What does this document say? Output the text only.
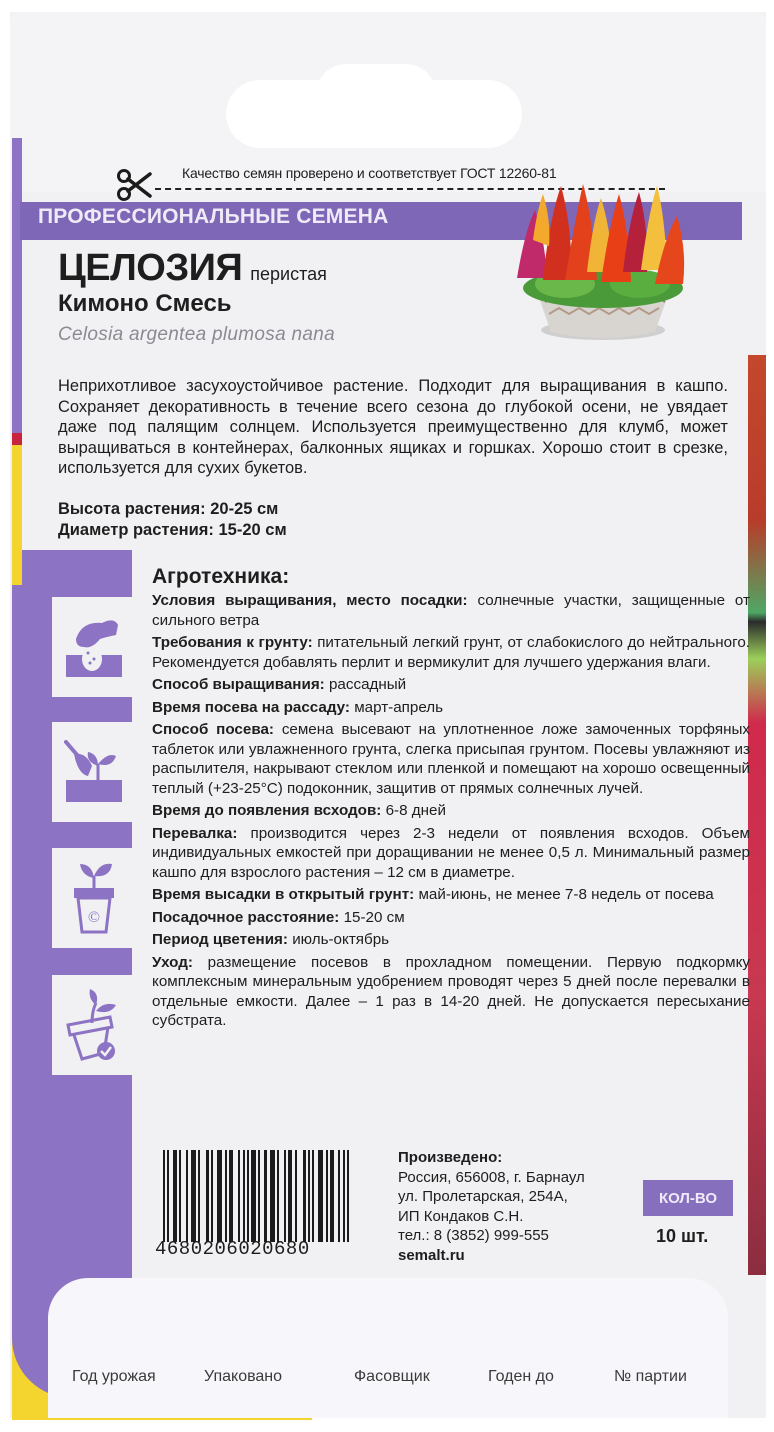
Качество семян проверено и соответствует ГОСТ 12260-81
ПРОФЕССИОНАЛЬНЫЕ СЕМЕНА
ЦЕЛОЗИЯ перистая
Кимоно Смесь
Celosia argentea plumosa nana
Неприхотливое засухоустойчивое растение. Подходит для выращивания в кашпо. Сохраняет декоративность в течение всего сезона до глубокой осени, не увядает даже под палящим солнцем. Используется преимущественно для клумб, может выращиваться в контейнерах, балконных ящиках и горшках. Хорошо стоит в срезке, используется для сухих букетов.
Высота растения: 20-25 см
Диаметр растения: 15-20 см
©
Агротехника:

Условия выращивания, место посадки: солнечные участки, защищенные от сильного ветра

Требования к грунту: питательный легкий грунт, от слабокислого до нейтрального. Рекомендуется добавлять перлит и вермикулит для лучшего удержания влаги.

Способ выращивания: рассадный

Время посева на рассаду: март-апрель

Способ посева: семена высевают на уплотненное ложе замоченных торфяных таблеток или увлажненного грунта, слегка присыпая грунтом. Посевы увлажняют из распылителя, накрывают стеклом или пленкой и помещают на хорошо освещенный теплый (+23-25°С) подоконник, защитив от прямых солнечных лучей.

Время до появления всходов: 6-8 дней

Перевалка: производится через 2-3 недели от появления всходов. Объем индивидуальных емкостей при доращивании не менее 0,5 л. Минимальный размер кашпо для взрослого растения – 12 см в диаметре.

Время высадки в открытый грунт: май-июнь, не менее 7-8 недель от посева

Посадочное расстояние: 15-20 см

Период цветения: июль-октябрь

Уход: размещение посевов в прохладном помещении. Первую подкормку комплексным минеральным удобрением проводят через 5 дней после перевалки в отдельные емкости. Далее – 1 раз в 14-20 дней. Не допускается пересыхание субстрата.

4680206020680
Произведено:
Россия, 656008, г. Барнаул
ул. Пролетарская, 254А,
ИП Кондаков С.Н.
тел.: 8 (3852) 999-555
semalt.ru
КОЛ-ВО
10 шт.
Год урожая	Упаковано	Фасовщик	Годен до	№ партии
